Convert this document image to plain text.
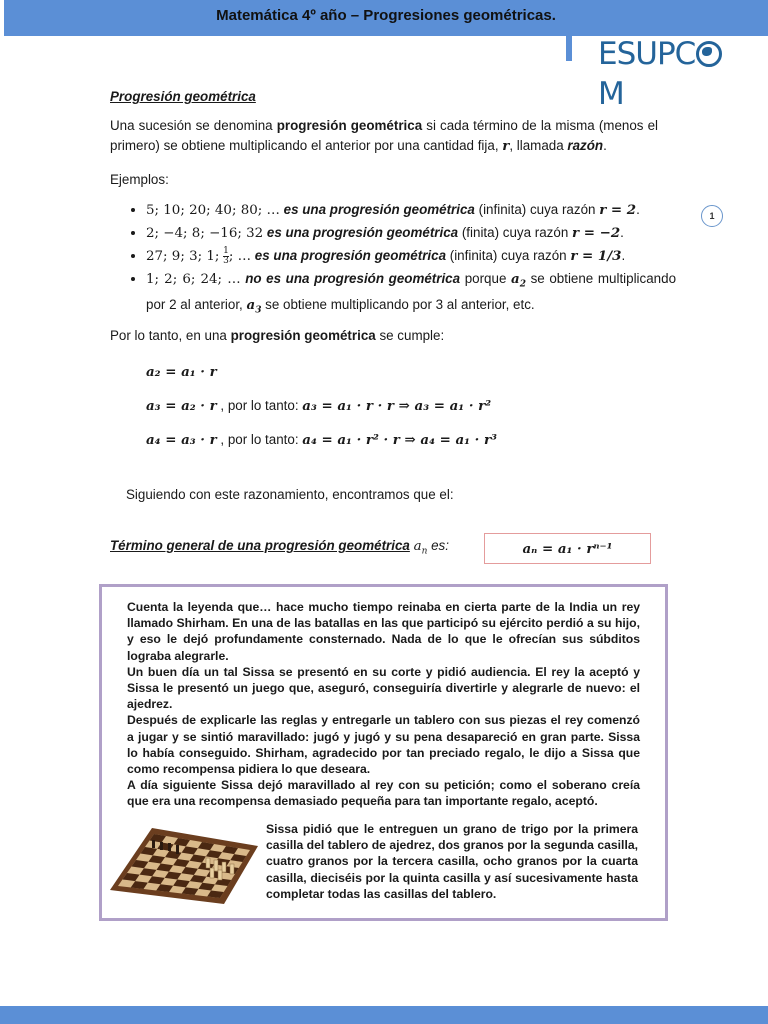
Matemática 4º año – Progresiones geométricas.
ESUPCM
1
Progresión geométrica
Una sucesión se denomina progresión geométrica si cada término de la misma (menos el primero) se obtiene multiplicando el anterior por una cantidad fija, r, llamada razón.
Ejemplos:
• 5; 10; 20; 40; 80; … es una progresión geométrica (infinita) cuya razón r = 2.
• 2; −4; 8; −16; 32 es una progresión geométrica (finita) cuya razón r = −2.
• 27; 9; 3; 1; $\frac{1}{3}$ ; … es una progresión geométrica (infinita) cuya razón r = 1/3.
• 1; 2; 6; 24; … no es una progresión geométrica porque $a_2$ se obtiene multiplicando por 2 al anterior, $a_3$ se obtiene multiplicando por 3 al anterior, etc.
Por lo tanto, en una progresión geométrica se cumple:
a₂ = a₁ · r
a₃ = a₂ · r , por lo tanto: a₃ = a₁ · r · r ⇒ a₃ = a₁ · r²
a₄ = a₃ · r , por lo tanto: a₄ = a₁ · r² · r ⇒ a₄ = a₁ · r³
Siguiendo con este razonamiento, encontramos que el:
Término general de una progresión geométrica $a_n$ es:	aₙ = a₁ · rⁿ⁻¹

Cuenta la leyenda que… hace mucho tiempo reinaba en cierta parte de la India un rey llamado Shirham. En una de las batallas en las que participó su ejército perdió a su hijo, y eso le dejó profundamente consternado. Nada de lo que le ofrecían sus súbditos lograba alegrarle.

Un buen día un tal Sissa se presentó en su corte y pidió audiencia. El rey la aceptó y Sissa le presentó un juego que, aseguró, conseguiría divertirle y alegrarle de nuevo: el ajedrez.

Después de explicarle las reglas y entregarle un tablero con sus piezas el rey comenzó a jugar y se sintió maravillado: jugó y jugó y su pena desapareció en gran parte. Sissa lo había conseguido. Shirham, agradecido por tan preciado regalo, le dijo a Sissa que como recompensa pidiera lo que deseara.

A día siguiente Sissa dejó maravillado al rey con su petición; como el soberano creía que era una recompensa demasiado pequeña para tan importante regalo, aceptó.

Sissa pidió que le entreguen un grano de trigo por la primera casilla del tablero de ajedrez, dos granos por la segunda casilla, cuatro granos por la tercera casilla, ocho granos por la cuarta casilla, dieciséis por la quinta casilla y así sucesivamente hasta completar todas las casillas del tablero.
